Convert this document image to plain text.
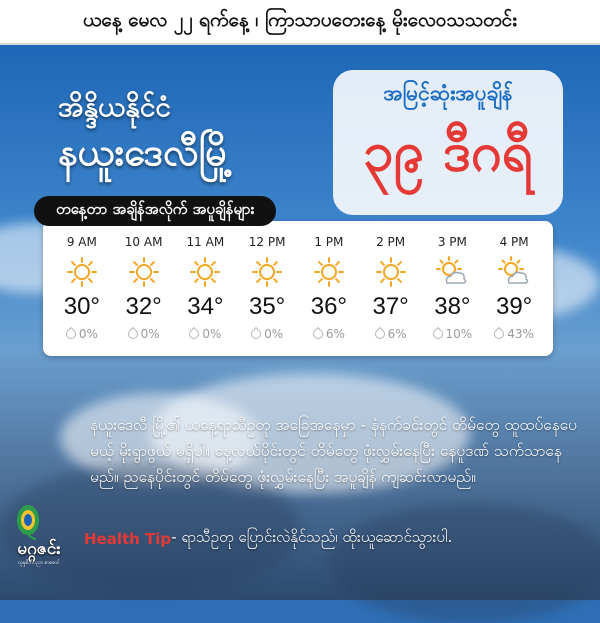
ယနေ့ မေလ ၂၂ ရက်နေ့ ၊ ကြာသာပတေးနေ့ မိုးလေဝသသတင်း
အိန္ဒိယနိုင်ငံ
နယူးဒေလီမြို့
အမြင့်ဆုံးအပူချိန်
၃၉ ဒီဂရီ
တနေ့တာ အချိန်အလိုက် အပူချိန်များ
9 AM
30°
0%
10 AM
32°
0%
11 AM
34°
0%
12 PM
35°
0%
1 PM
36°
6%
2 PM
37°
6%
3 PM
38°
10%
4 PM
39°
43%
နယူးဒေလီ မြို့၏ ယနေ့ရာသီဥတု အခြေအနေမှာ - နံနက်ခင်းတွင် တိမ်တွေ ထူထပ်နေပေမယ့် မိုးရွာဖွယ် မရှိပါ။ နေ့လယ်ပိုင်းတွင် တိမ်တွေ ဖုံးလွှမ်းနေပြီး နေပူဒဏ် သက်သာနေမည်။ ညနေပိုင်းတွင် တိမ်တွေ ဖုံးလွှမ်းနေပြီး အပူချိန် ကျဆင်းလာမည်။
မဂ္ဂဇင်း
လူမှုစိတ်ပညာ စာစောင်
Health Tip - ရာသီဥတု ပြောင်းလဲနိုင်သည်၊ ထိုးယူဆောင်သွားပါ.
